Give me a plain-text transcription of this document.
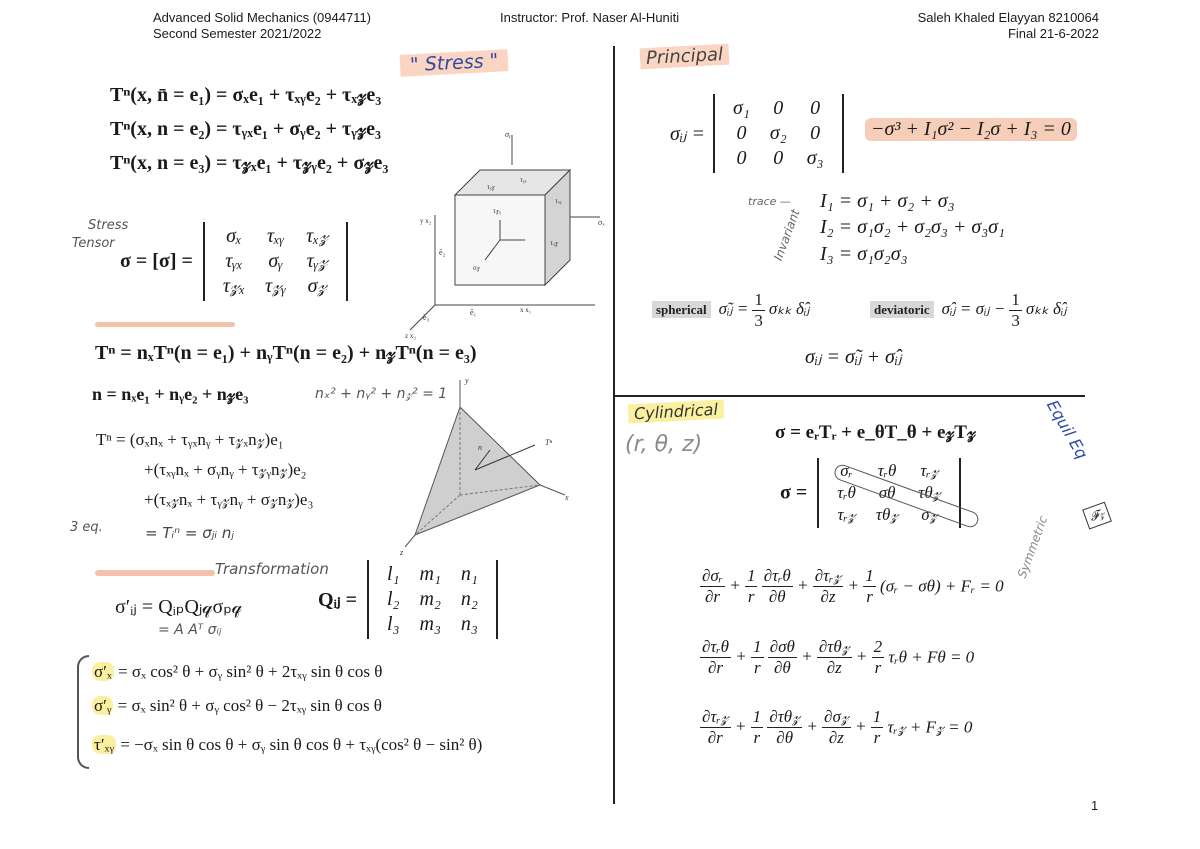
Advanced Solid Mechanics (0944711)
Second Semester 2021/2022
Instructor: Prof. Naser Al-Huniti	Saleh Khaled Elayyan 8210064
Final 21-6-2022
" Stress "
Tⁿ(x, n̄ = e₁) = σₓe₁ + τₓᵧe₂ + τₓ𝓏e₃
Tⁿ(x, n = e₂) = τᵧₓe₁ + σᵧe₂ + τᵧ𝓏e₃
Tⁿ(x, n = e₃) = τ𝓏ₓe₁ + τ𝓏ᵧe₂ + σ𝓏e₃
Stress
Tensor
σ = [σ] =
σₓ	τₓᵧ	τₓ𝓏
τᵧₓ	σᵧ	τᵧ𝓏
τ𝓏ₓ	τ𝓏ᵧ	σ𝓏
σᵧ
τᵧₓ
τᵧ𝓏
τ𝓏ᵧ
τₓᵧ
σₓ
τₓ𝓏
σ𝓏
y x₂
x x₁
z x₃
ē₂
ē₁
ē₃
Tⁿ = nₓTⁿ(n = e₁) + nᵧTⁿ(n = e₂) + n𝓏Tⁿ(n = e₃)
n = nₓe₁ + nᵧe₂ + n𝓏e₃	nₓ² + nᵧ² + n𝓏² = 1
Tⁿ = (σₓnₓ + τᵧₓnᵧ + τ𝓏ₓn𝓏)e₁
+(τₓᵧnₓ + σᵧnᵧ + τ𝓏ᵧn𝓏)e₂
+(τₓ𝓏nₓ + τᵧ𝓏nᵧ + σ𝓏n𝓏)e₃
3 eq.	= Tᵢⁿ = σⱼᵢ nⱼ
y
n
Tⁿ
x
z
Transformation
σ′ᵢⱼ = QᵢₚQⱼ𝓆σₚ𝓆
= A Aᵀ σᵢⱼ
Qᵢⱼ =
l₁	m₁	n₁
l₂	m₂	n₂
l₃	m₃	n₃
σ′ₓ = σₓ cos² θ + σᵧ sin² θ + 2τₓᵧ sin θ cos θ
σ′ᵧ = σₓ sin² θ + σᵧ cos² θ − 2τₓᵧ sin θ cos θ
τ′ₓᵧ = −σₓ sin θ cos θ + σᵧ sin θ cos θ + τₓᵧ(cos² θ − sin² θ)
Principal
σᵢⱼ =
σ₁	0	0
0	σ₂	0
0	0	σ₃
−σ³ + I₁σ² − I₂σ + I₃ = 0
trace —
Invariant
I₁ = σ₁ + σ₂ + σ₃
I₂ = σ₁σ₂ + σ₂σ₃ + σ₃σ₁
I₃ = σ₁σ₂σ₃
spherical σ̃ᵢⱼ = $\frac{1}{3}$ σₖₖ δ̂ᵢⱼ	deviatoric σ̂ᵢⱼ = σᵢⱼ − $\frac{1}{3}$ σₖₖ δ̂ᵢⱼ
σᵢⱼ = σ̃ᵢⱼ + σ̂ᵢⱼ
Cylindrical
(r, θ, z)	Equil Eq
σ = eᵣTᵣ + e_θT_θ + e𝓏T𝓏
σ =
σᵣ	τᵣθ	τᵣ𝓏
τᵣθ	σθ	τθ𝓏
τᵣ𝓏	τθ𝓏	σ𝓏	Symmetric	𝓕𝓏
$\frac{\text{∂σᵣ}}{\partial r} + \frac{1}{r}$
$\frac{\text{∂τᵣθ}}{\partial\theta} + \frac{\text{∂τᵣ𝓏}}{\partial z} + \frac{1}{r}$ (σᵣ − σθ) + Fᵣ = 0
$\frac{\text{∂τᵣθ}}{\partial r} + \frac{1}{r}$
$\frac{\partial\sigma\theta}{\partial\theta} + \frac{\text{∂τθ𝓏}}{\partial z} + \frac{2}{r}$ τᵣθ + Fθ = 0
$\frac{\text{∂τᵣ𝓏}}{\partial r} + \frac{1}{r}$
$\frac{\text{∂τθ𝓏}}{\partial\theta} + \frac{\text{∂σ𝓏}}{\partial z} + \frac{1}{r}$ τᵣ𝓏 + F𝓏 = 0
1
